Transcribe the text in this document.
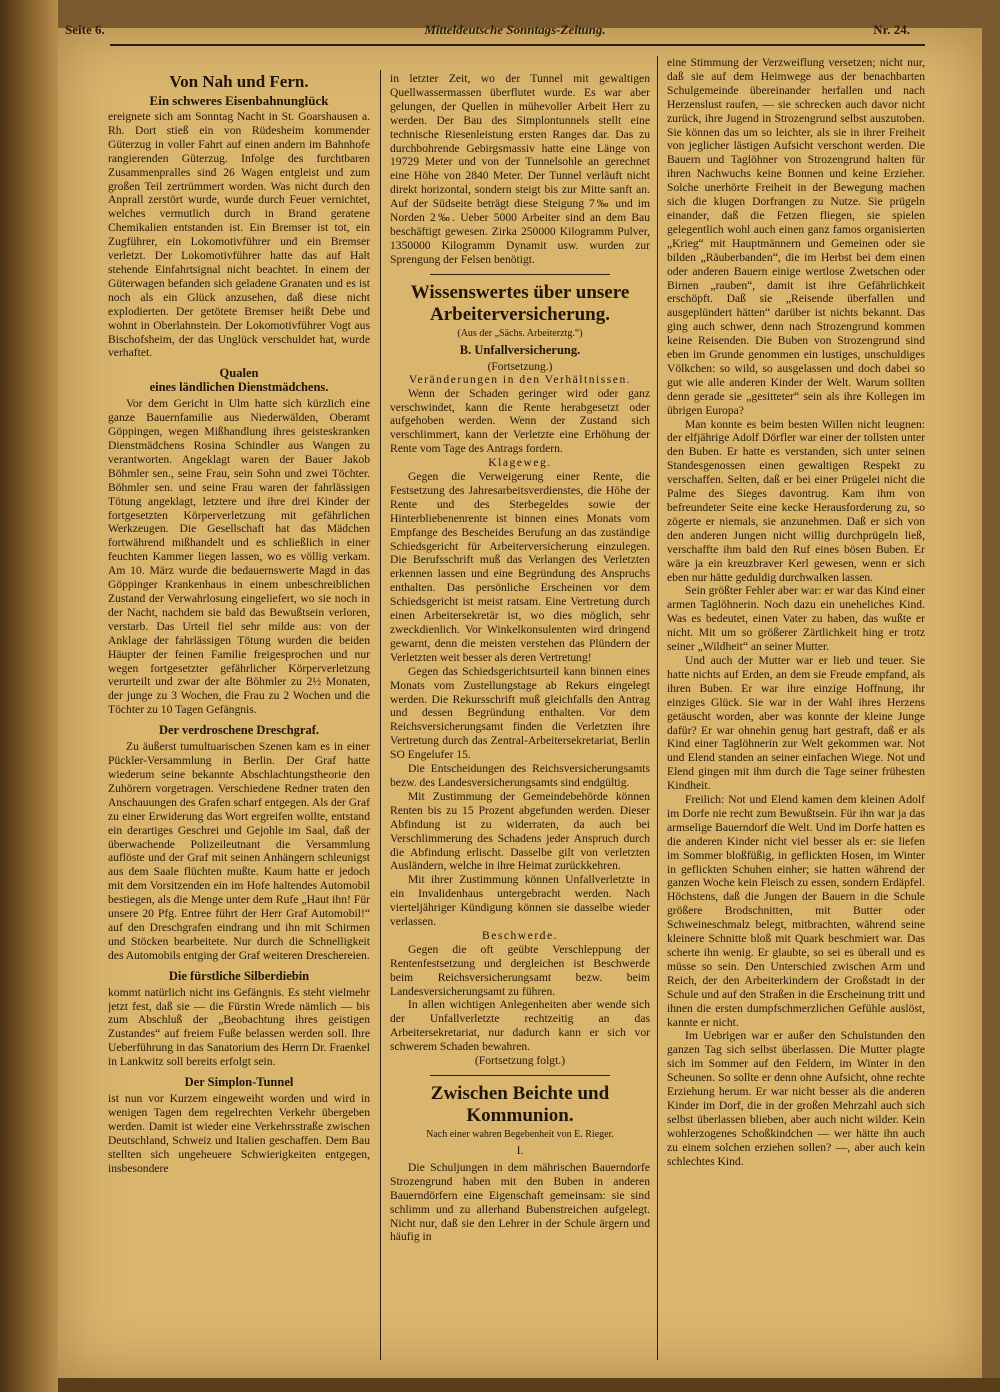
Seite 6.	Mitteldeutsche Sonntags-Zeitung.	Nr. 24.
Von Nah und Fern.
Ein schweres Eisenbahnunglück

ereignete sich am Sonntag Nacht in St. Goarshausen a. Rh. Dort stieß ein von Rüdesheim kommender Güterzug in voller Fahrt auf einen andern im Bahnhofe rangierenden Güterzug. Infolge des furchtbaren Zusammenpralles sind 26 Wagen entgleist und zum großen Teil zertrümmert worden. Was nicht durch den Anprall zerstört wurde, wurde durch Feuer vernichtet, welches vermutlich durch in Brand geratene Chemikalien entstanden ist. Ein Bremser ist tot, ein Zugführer, ein Lokomotivführer und ein Bremser verletzt. Der Lokomotivführer hatte das auf Halt stehende Einfahrtsignal nicht beachtet. In einem der Güterwagen befanden sich geladene Granaten und es ist noch als ein Glück anzusehen, daß diese nicht explodierten. Der getötete Bremser heißt Debe und wohnt in Oberlahnstein. Der Lokomotivführer Vogt aus Bischofsheim, der das Unglück verschuldet hat, wurde verhaftet.

Qualen
eines ländlichen Dienstmädchens.

Vor dem Gericht in Ulm hatte sich kürzlich eine ganze Bauernfamilie aus Niederwälden, Oberamt Göppingen, wegen Mißhandlung ihres geisteskranken Dienstmädchens Rosina Schindler aus Wangen zu verantworten. Angeklagt waren der Bauer Jakob Böhmler sen., seine Frau, sein Sohn und zwei Töchter. Böhmler sen. und seine Frau waren der fahrlässigen Tötung angeklagt, letztere und ihre drei Kinder der fortgesetzten Körperverletzung mit gefährlichen Werkzeugen. Die Gesellschaft hat das Mädchen fortwährend mißhandelt und es schließlich in einer feuchten Kammer liegen lassen, wo es völlig verkam. Am 10. März wurde die bedauernswerte Magd in das Göppinger Krankenhaus in einem unbeschreiblichen Zustand der Verwahrlosung eingeliefert, wo sie noch in der Nacht, nachdem sie bald das Bewußtsein verloren, verstarb. Das Urteil fiel sehr milde aus: von der Anklage der fahrlässigen Tötung wurden die beiden Häupter der feinen Familie freigesprochen und nur wegen fortgesetzter gefährlicher Körperverletzung verurteilt und zwar der alte Böhmler zu 2½ Monaten, der junge zu 3 Wochen, die Frau zu 2 Wochen und die Töchter zu 10 Tagen Gefängnis.

Der verdroschene Dreschgraf.

Zu äußerst tumultuarischen Szenen kam es in einer Pückler-Versammlung in Berlin. Der Graf hatte wiederum seine bekannte Abschlachtungstheorie den Zuhörern vorgetragen. Verschiedene Redner traten den Anschauungen des Grafen scharf entgegen. Als der Graf zu einer Erwiderung das Wort ergreifen wollte, entstand ein derartiges Geschrei und Gejohle im Saal, daß der überwachende Polizeileutnant die Versammlung auflöste und der Graf mit seinen Anhängern schleunigst aus dem Saale flüchten mußte. Kaum hatte er jedoch mit dem Vorsitzenden ein im Hofe haltendes Automobil bestiegen, als die Menge unter dem Rufe „Haut ihn! Für unsere 20 Pfg. Entree führt der Herr Graf Automobil!“ auf den Dreschgrafen eindrang und ihn mit Schirmen und Stöcken bearbeitete. Nur durch die Schnelligkeit des Automobils entging der Graf weiteren Dreschereien.

Die fürstliche Silberdiebin

kommt natürlich nicht ins Gefängnis. Es steht vielmehr jetzt fest, daß sie — die Fürstin Wrede nämlich — bis zum Abschluß der „Beobachtung ihres geistigen Zustandes“ auf freiem Fuße belassen werden soll. Ihre Ueberführung in das Sanatorium des Herrn Dr. Fraenkel in Lankwitz soll bereits erfolgt sein.

Der Simplon-Tunnel

ist nun vor Kurzem eingeweiht worden und wird in wenigen Tagen dem regelrechten Verkehr übergeben werden. Damit ist wieder eine Verkehrsstraße zwischen Deutschland, Schweiz und Italien geschaffen. Dem Bau stellten sich ungeheuere Schwierigkeiten entgegen, insbesondere

in letzter Zeit, wo der Tunnel mit gewaltigen Quellwassermassen überflutet wurde. Es war aber gelungen, der Quellen in mühevoller Arbeit Herr zu werden. Der Bau des Simplontunnels stellt eine technische Riesenleistung ersten Ranges dar. Das zu durchbohrende Gebirgsmassiv hatte eine Länge von 19729 Meter und von der Tunnelsohle an gerechnet eine Höhe von 2840 Meter. Der Tunnel verläuft nicht direkt horizontal, sondern steigt bis zur Mitte sanft an. Auf der Südseite beträgt diese Steigung 7‰ und im Norden 2‰. Ueber 5000 Arbeiter sind an dem Bau beschäftigt gewesen. Zirka 250000 Kilogramm Pulver, 1350000 Kilogramm Dynamit usw. wurden zur Sprengung der Felsen benötigt.

Wissenswertes über unsere Arbeiterversicherung.
(Aus der „Sächs. Arbeiterztg.“)
B. Unfallversicherung.
(Fortsetzung.)
Veränderungen in den Verhältnissen.

Wenn der Schaden geringer wird oder ganz verschwindet, kann die Rente herabgesetzt oder aufgehoben werden. Wenn der Zustand sich verschlimmert, kann der Verletzte eine Erhöhung der Rente vom Tage des Antrags fordern.

Klageweg.

Gegen die Verweigerung einer Rente, die Festsetzung des Jahresarbeitsverdienstes, die Höhe der Rente und des Sterbegeldes sowie der Hinterbliebenenrente ist binnen eines Monats vom Empfange des Bescheides Berufung an das zuständige Schiedsgericht für Arbeiterversicherung einzulegen. Die Berufsschrift muß das Verlangen des Verletzten erkennen lassen und eine Begründung des Anspruchs enthalten. Das persönliche Erscheinen vor dem Schiedsgericht ist meist ratsam. Eine Vertretung durch einen Arbeitersekretär ist, wo dies möglich, sehr zweckdienlich. Vor Winkelkonsulenten wird dringend gewarnt, denn die meisten verstehen das Plündern der Verletzten weit besser als deren Vertretung!

Gegen das Schiedsgerichtsurteil kann binnen eines Monats vom Zustellungstage ab Rekurs eingelegt werden. Die Rekursschrift muß gleichfalls den Antrag und dessen Begründung enthalten. Vor dem Reichsversicherungsamt finden die Verletzten ihre Vertretung durch das Zentral-Arbeitersekretariat, Berlin SO Engelufer 15.

Die Entscheidungen des Reichsversicherungsamts bezw. des Landesversicherungsamts sind endgültig.

Mit Zustimmung der Gemeindebehörde können Renten bis zu 15 Prozent abgefunden werden. Dieser Abfindung ist zu widerraten, da auch bei Verschlimmerung des Schadens jeder Anspruch durch die Abfindung erlischt. Dasselbe gilt von verletzten Ausländern, welche in ihre Heimat zurückkehren.

Mit ihrer Zustimmung können Unfallverletzte in ein Invalidenhaus untergebracht werden. Nach vierteljähriger Kündigung können sie dasselbe wieder verlassen.

Beschwerde.

Gegen die oft geübte Verschleppung der Rentenfestsetzung und dergleichen ist Beschwerde beim Reichsversicherungsamt bezw. beim Landesversicherungsamt zu führen.

In allen wichtigen Anlegenheiten aber wende sich der Unfallverletzte rechtzeitig an das Arbeitersekretariat, nur dadurch kann er sich vor schwerem Schaden bewahren.

(Fortsetzung folgt.)
Zwischen Beichte und Kommunion.
Nach einer wahren Begebenheit von E. Rieger.
I.

Die Schuljungen in dem mährischen Bauerndorfe Strozengrund haben mit den Buben in anderen Bauerndörfern eine Eigenschaft gemeinsam: sie sind schlimm und zu allerhand Bubenstreichen aufgelegt. Nicht nur, daß sie den Lehrer in der Schule ärgern und häufig in

eine Stimmung der Verzweiflung versetzen; nicht nur, daß sie auf dem Heimwege aus der benachbarten Schulgemeinde übereinander herfallen und nach Herzenslust raufen, — sie schrecken auch davor nicht zurück, ihre Jugend in Strozengrund selbst auszutoben. Sie können das um so leichter, als sie in ihrer Freiheit von jeglicher lästigen Aufsicht verschont werden. Die Bauern und Taglöhner von Strozengrund halten für ihren Nachwuchs keine Bonnen und keine Erzieher. Solche unerhörte Freiheit in der Bewegung machen sich die klugen Dorfrangen zu Nutze. Sie prügeln einander, daß die Fetzen fliegen, sie spielen gelegentlich wohl auch einen ganz famos organisierten „Krieg“ mit Hauptmännern und Gemeinen oder sie bilden „Räuberbanden“, die im Herbst bei dem einen oder anderen Bauern einige wertlose Zwetschen oder Birnen „rauben“, damit ist ihre Gefährlichkeit erschöpft. Daß sie „Reisende überfallen und ausgeplündert hätten“ darüber ist nichts bekannt. Das ging auch schwer, denn nach Strozengrund kommen keine Reisenden. Die Buben von Strozengrund sind eben im Grunde genommen ein lustiges, unschuldiges Völkchen: so wild, so ausgelassen und doch dabei so gut wie alle anderen Kinder der Welt. Warum sollten denn gerade sie „gesitteter“ sein als ihre Kollegen im übrigen Europa?

Man konnte es beim besten Willen nicht leugnen: der elfjährige Adolf Dörfler war einer der tollsten unter den Buben. Er hatte es verstanden, sich unter seinen Standesgenossen einen gewaltigen Respekt zu verschaffen. Selten, daß er bei einer Prügelei nicht die Palme des Sieges davontrug. Kam ihm von befreundeter Seite eine kecke Herausforderung zu, so zögerte er niemals, sie anzunehmen. Daß er sich von den anderen Jungen nicht willig durchprügeln ließ, verschaffte ihm bald den Ruf eines bösen Buben. Er wäre ja ein kreuzbraver Kerl gewesen, wenn er sich eben nur hätte geduldig durchwalken lassen.

Sein größter Fehler aber war: er war das Kind einer armen Taglöhnerin. Noch dazu ein uneheliches Kind. Was es bedeutet, einen Vater zu haben, das wußte er nicht. Mit um so größerer Zärtlichkeit hing er trotz seiner „Wildheit“ an seiner Mutter.

Und auch der Mutter war er lieb und teuer. Sie hatte nichts auf Erden, an dem sie Freude empfand, als ihren Buben. Er war ihre einzige Hoffnung, ihr einziges Glück. Sie war in der Wahl ihres Herzens getäuscht worden, aber was konnte der kleine Junge dafür? Er war ohnehin genug hart gestraft, daß er als Kind einer Taglöhnerin zur Welt gekommen war. Not und Elend standen an seiner einfachen Wiege. Not und Elend gingen mit ihm durch die Tage seiner frühesten Kindheit.

Freilich: Not und Elend kamen dem kleinen Adolf im Dorfe nie recht zum Bewußtsein. Für ihn war ja das armselige Bauerndorf die Welt. Und im Dorfe hatten es die anderen Kinder nicht viel besser als er: sie liefen im Sommer bloßfüßig, in geflickten Hosen, im Winter in geflickten Schuhen einher; sie hatten während der ganzen Woche kein Fleisch zu essen, sondern Erdäpfel. Höchstens, daß die Jungen der Bauern in die Schule größere Brodschnitten, mit Butter oder Schweineschmalz belegt, mitbrachten, während seine kleinere Schnitte bloß mit Quark beschmiert war. Das scherte ihn wenig. Er glaubte, so sei es überall und es müsse so sein. Den Unterschied zwischen Arm und Reich, der den Arbeiterkindern der Großstadt in der Schule und auf den Straßen in die Erscheinung tritt und ihnen die ersten dumpfschmerzlichen Gefühle auslöst, kannte er nicht.

Im Uebrigen war er außer den Schulstunden den ganzen Tag sich selbst überlassen. Die Mutter plagte sich im Sommer auf den Feldern, im Winter in den Scheunen. So sollte er denn ohne Aufsicht, ohne rechte Erziehung herum. Er war nicht besser als die anderen Kinder im Dorf, die in der großen Mehrzahl auch sich selbst überlassen blieben, aber auch nicht wilder. Kein wohlerzogenes Schoßkindchen — wer hätte ihn auch zu einem solchen erziehen sollen? —, aber auch kein schlechtes Kind.
